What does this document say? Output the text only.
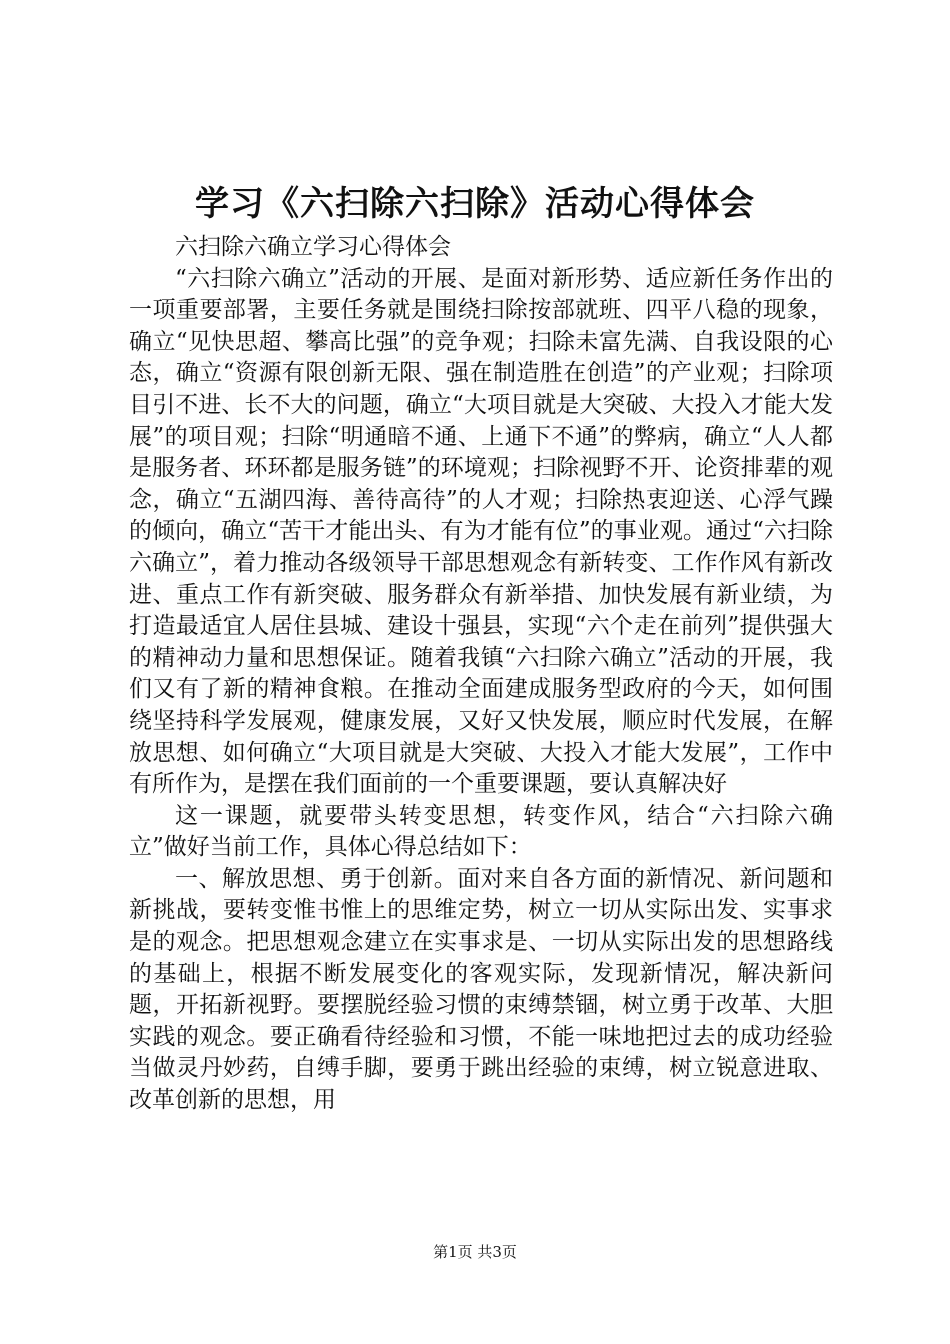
学习《六扫除六扫除》活动心得体会

六扫除六确立学习心得体会

“六扫除六确立”活动的开展、是面对新形势、适应新任务作出的一项重要部署，主要任务就是围绕扫除按部就班、四平八稳的现象，确立“见快思超、攀高比强”的竞争观；扫除未富先满、自我设限的心态，确立“资源有限创新无限、强在制造胜在创造”的产业观；扫除项目引不进、长不大的问题，确立“大项目就是大突破、大投入才能大发展”的项目观；扫除“明通暗不通、上通下不通”的弊病，确立“人人都是服务者、环环都是服务链”的环境观；扫除视野不开、论资排辈的观念，确立“五湖四海、善待高待”的人才观；扫除热衷迎送、心浮气躁的倾向，确立“苦干才能出头、有为才能有位”的事业观。通过“六扫除六确立”，着力推动各级领导干部思想观念有新转变、工作作风有新改进、重点工作有新突破、服务群众有新举措、加快发展有新业绩，为打造最适宜人居住县城、建设十强县，实现“六个走在前列”提供强大的精神动力量和思想保证。随着我镇“六扫除六确立”活动的开展，我们又有了新的精神食粮。在推动全面建成服务型政府的今天，如何围绕坚持科学发展观，健康发展，又好又快发展，顺应时代发展，在解放思想、如何确立“大项目就是大突破、大投入才能大发展”，工作中有所作为，是摆在我们面前的一个重要课题，要认真解决好

这一课题，就要带头转变思想，转变作风，结合“六扫除六确立”做好当前工作，具体心得总结如下：

一、解放思想、勇于创新。面对来自各方面的新情况、新问题和新挑战，要转变惟书惟上的思维定势，树立一切从实际出发、实事求是的观念。把思想观念建立在实事求是、一切从实际出发的思想路线的基础上，根据不断发展变化的客观实际，发现新情况，解决新问题，开拓新视野。要摆脱经验习惯的束缚禁锢，树立勇于改革、大胆实践的观念。要正确看待经验和习惯，不能一味地把过去的成功经验当做灵丹妙药，自缚手脚，要勇于跳出经验的束缚，树立锐意进取、改革创新的思想，用

第1页 共3页
